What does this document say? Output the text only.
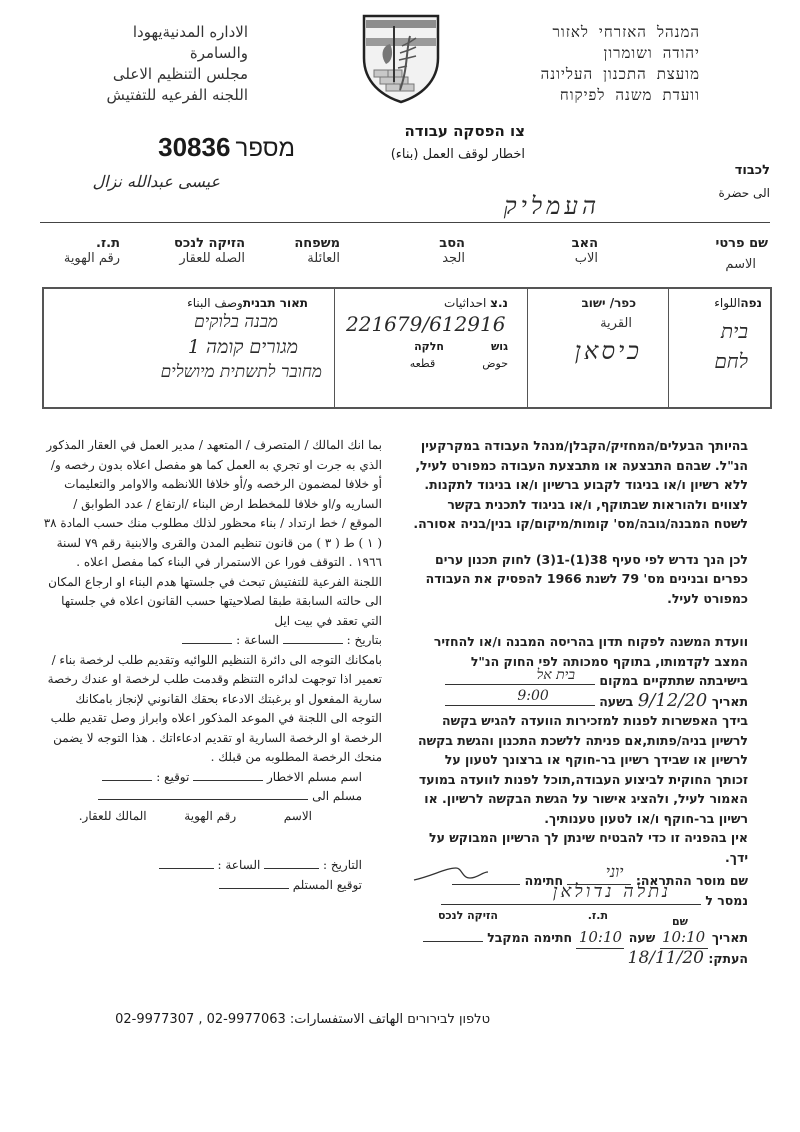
המנהל האזרחי לאזור
יהודה ושומרון
מועצת התכנון העליונה
וועדת משנה לפיקוח
الاداره المدنيةيهودا
والسامرة
مجلس التنظيم الاعلى
اللجنه الفرعيه للتفتيش
צו הפסקה עבודה
اخطار لوقف العمل (بناء)
מספר 30836
عيسى عبدالله نزال
לכבוד
الى حضرة
העמליק
שם פרטי
الاسم
האב
الاب
הסב
الجد
משפחה
العائلة
הזיקה לנכס
الصله للعقار
ת.ז.
رقم الهوية
נפהاللواء
בית לחם
כפר/ ישוב
القرية
כיסאן
נ.צ احداثيات
221679/612916
גוש  חלקה
حوض  قطعه
תאור תבניתوصف البناء
מבנה בלוקים
מגורים קומה 1
מחובר לתשתית מיושלים

בהיותך הבעלים/המחזיק/הקבלן/מנהל העבודה במקרקעין הנ"ל. שבהם התבצעה או מתבצעת העבודה כמפורט לעיל, ללא רשיון ו/או בניגוד לקבוע ברשיון ו/או בניגוד לתקנות. לצווים ולהוראות שבתוקף, ו/או בניגוד לתכנית בקשר לשטח המבנה/גובה/מס' קומות/מיקום/קו בנין/בניה אסורה.

לכן הנך נדרש לפי סעיף 38(1)-1(3) לחוק תכנון ערים כפרים ובנינים מס' 79 לשנת 1966 להפסיק את העבודה כמפורט לעיל.

וועדת המשנה לפקוח תדון בהריסה המבנה ו/או להחזיר המצב לקדמותו, בתוקף סמכותה לפי החוק הנ"ל

בישיבתה שתתקיים במקום
בית אל
תאריך 9/12/20 בשעה
9:00

בידך האפשרות לפנות למזכירות הוועדה להגיש בקשה לרשיון בניה/פתות,אם פניתה ללשכת התכנון והגשת בקשה לרשיון או שבידך רשיון בר-חוקף או ברצונך לטעון על זכותך החוקית לביצוע העבודה,תוכל לפנות לוועדה במועד האמור לעיל, ולהציג אישור על הגשת הבקשה לרשיון. או רשיון בר-חוקף ו/או לטעון טענותיך.

אין בהפניה זו כדי להבטיח שינתן לך הרשיון המבוקש על ידך.

שם מוסר ההתראה:
יוני
חתימה
נמסר ל
נתלה נדולאן
שם
ת.ז.
הזיקה לנכס
תאריך 10:10 שעה 10:10 חתימה המקבל
העתק: 18/11/20

بما انك المالك / المتصرف / المتعهد / مدير العمل في العقار المذكور الذي به جرت او تجري به العمل كما هو مفصل اعلاه بدون رخصه و/أو خلافا لمضمون الرخصه و/أو خلافا اللانظمه والاوامر والتعليمات الساريه و/او خلافا للمخطط ارض البناء /ارتفاع / عدد الطوابق / الموقع / خط ارتداد / بناء محظور لذلك مطلوب منك حسب المادة ٣٨ ( ١ ) ط ( ٣ ) من قانون تنظيم المدن والقرى والابنية رقم ٧٩ لسنة ١٩٦٦ . التوقف فورا عن الاستمرار في البناء كما مفصل اعلاه .

اللجنة الفرعية للتفتيش تبحث في جلستها هدم البناء او ارجاع المكان الى حالته السابقة طبقا لصلاحيتها حسب القانون اعلاه في جلستها التي تعقد في بيت ايل

بتاريخ :  الساعة :

بامكانك التوجه الى دائرة التنظيم اللوائيه وتقديم طلب لرخصة بناء / تعمير اذا توجهت لدائره التنظم وقدمت طلب لرخصة او عندك رخصة سارية المفعول او برغبتك الادعاء بحقك القانوني لإنجاز بامكانك التوجه الى اللجنة في الموعد المذكور اعلاه وابراز وصل تقديم طلب الرخصة او الرخصة السارية او تقديم ادعاءاتك . هذا التوجه لا يضمن منحك الرخصة المطلوبه من قبلك .

اسم مسلم الاخطار  توقيع :
مسلم الى
الاسم  رقم الهوية  المالك للعقار.
التاريخ :  الساعة :
توقيع المستلم
טלפון לבירורים الهاتف الاستفسارات: 02-9977307 , 02-9977063
